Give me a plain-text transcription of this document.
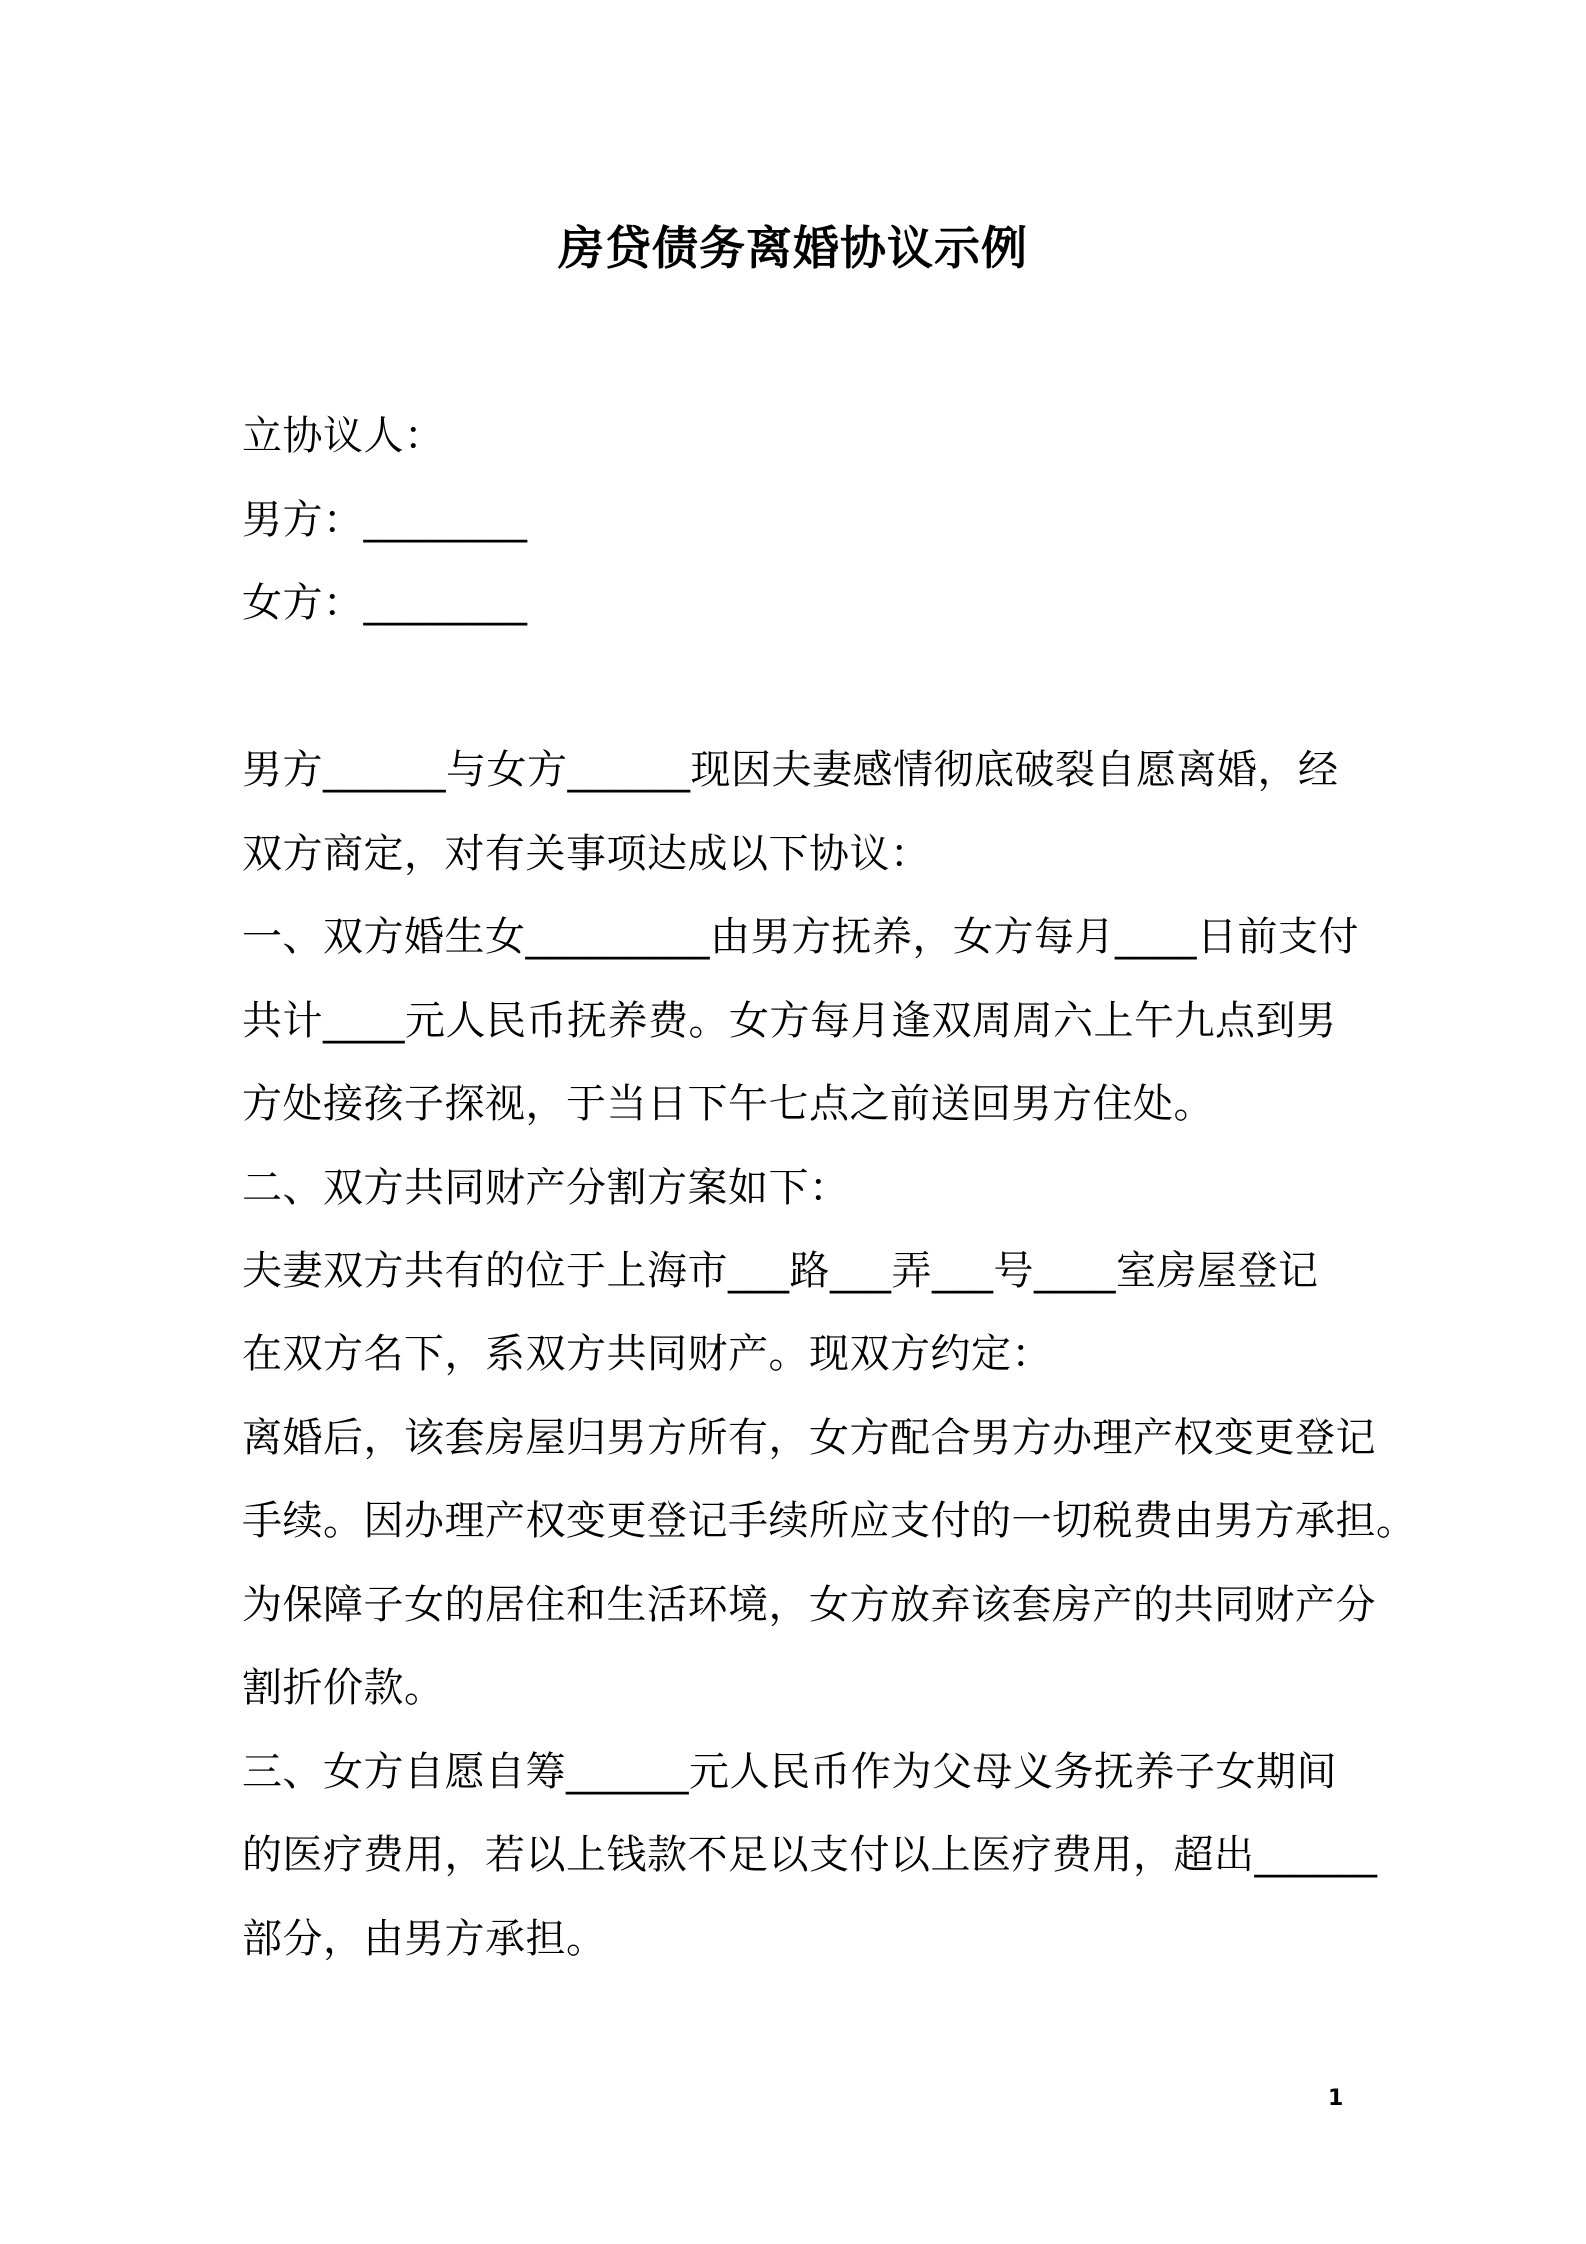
房贷债务离婚协议示例
立协议人：
男方：________
女方：________
男方______与女方______现因夫妻感情彻底破裂自愿离婚，经
双方商定，对有关事项达成以下协议：
一、双方婚生女_________由男方抚养，女方每月____日前支付
共计____元人民币抚养费。女方每月逢双周周六上午九点到男
方处接孩子探视，于当日下午七点之前送回男方住处。
二、双方共同财产分割方案如下：
夫妻双方共有的位于上海市___路___弄___号____室房屋登记
在双方名下，系双方共同财产。现双方约定：
离婚后，该套房屋归男方所有，女方配合男方办理产权变更登记
手续。因办理产权变更登记手续所应支付的一切税费由男方承担。
为保障子女的居住和生活环境，女方放弃该套房产的共同财产分
割折价款。
三、女方自愿自筹______元人民币作为父母义务抚养子女期间
的医疗费用，若以上钱款不足以支付以上医疗费用，超出______
部分，由男方承担。
1
